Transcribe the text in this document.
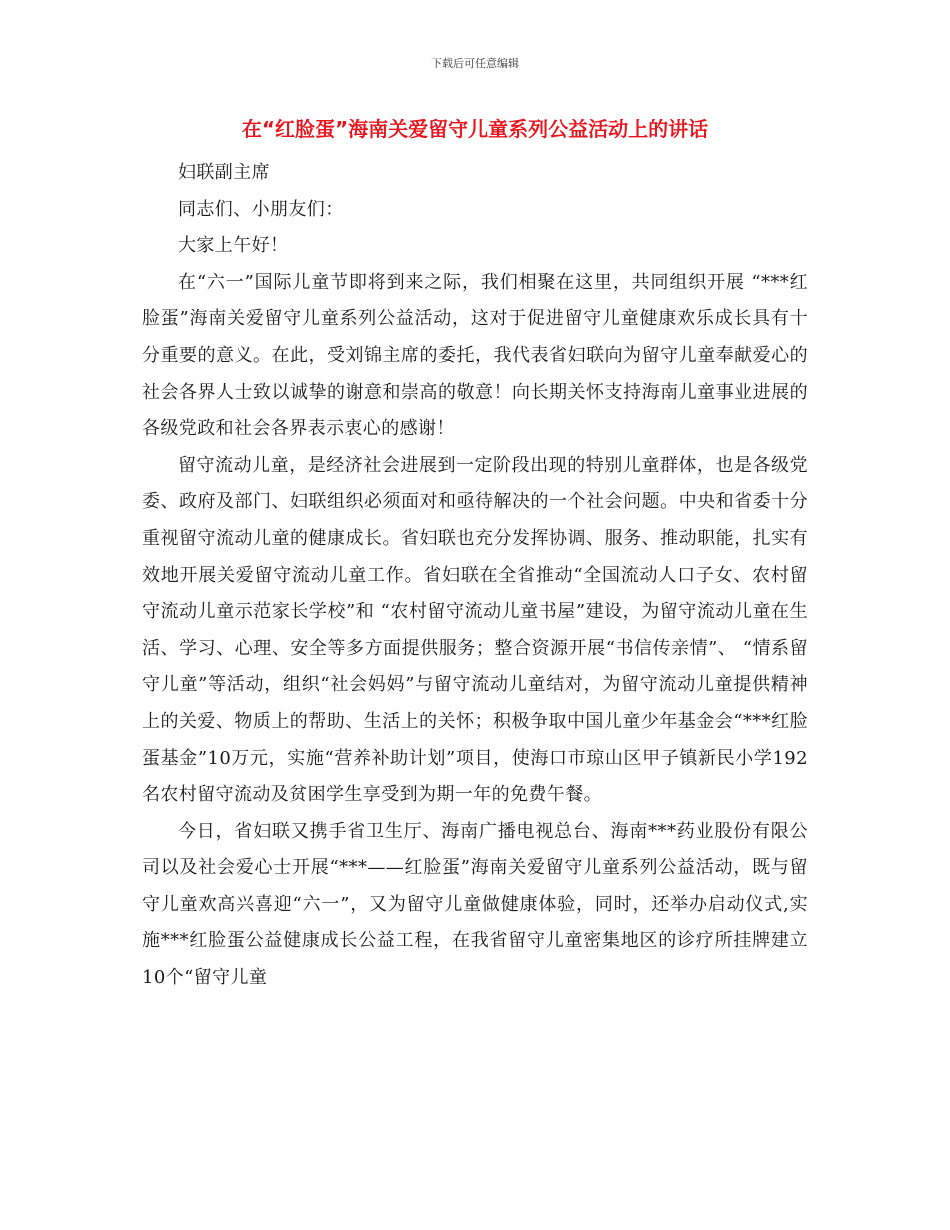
下载后可任意编辑
在“红脸蛋”海南关爱留守儿童系列公益活动上的讲话

妇联副主席

同志们、小朋友们：

大家上午好！

在“六一”国际儿童节即将到来之际，我们相聚在这里，共同组织开展 “***红脸蛋”海南关爱留守儿童系列公益活动，这对于促进留守儿童健康欢乐成长具有十分重要的意义。在此，受刘锦主席的委托，我代表省妇联向为留守儿童奉献爱心的社会各界人士致以诚挚的谢意和崇高的敬意！向长期关怀支持海南儿童事业进展的各级党政和社会各界表示衷心的感谢！

留守流动儿童，是经济社会进展到一定阶段出现的特别儿童群体，也是各级党委、政府及部门、妇联组织必须面对和亟待解决的一个社会问题。中央和省委十分重视留守流动儿童的健康成长。省妇联也充分发挥协调、服务、推动职能，扎实有效地开展关爱留守流动儿童工作。省妇联在全省推动“全国流动人口子女、农村留守流动儿童示范家长学校”和 “农村留守流动儿童书屋”建设，为留守流动儿童在生活、学习、心理、安全等多方面提供服务；整合资源开展“书信传亲情”、 “情系留守儿童”等活动，组织“社会妈妈”与留守流动儿童结对，为留守流动儿童提供精神上的关爱、物质上的帮助、生活上的关怀；积极争取中国儿童少年基金会“***红脸蛋基金”10万元，实施“营养补助计划”项目，使海口市琼山区甲子镇新民小学192名农村留守流动及贫困学生享受到为期一年的免费午餐。

今日，省妇联又携手省卫生厅、海南广播电视总台、海南***药业股份有限公司以及社会爱心士开展“***——红脸蛋”海南关爱留守儿童系列公益活动，既与留守儿童欢高兴喜迎“六一”，又为留守儿童做健康体验，同时，还举办启动仪式,实施***红脸蛋公益健康成长公益工程，在我省留守儿童密集地区的诊疗所挂牌建立10个“留守儿童
